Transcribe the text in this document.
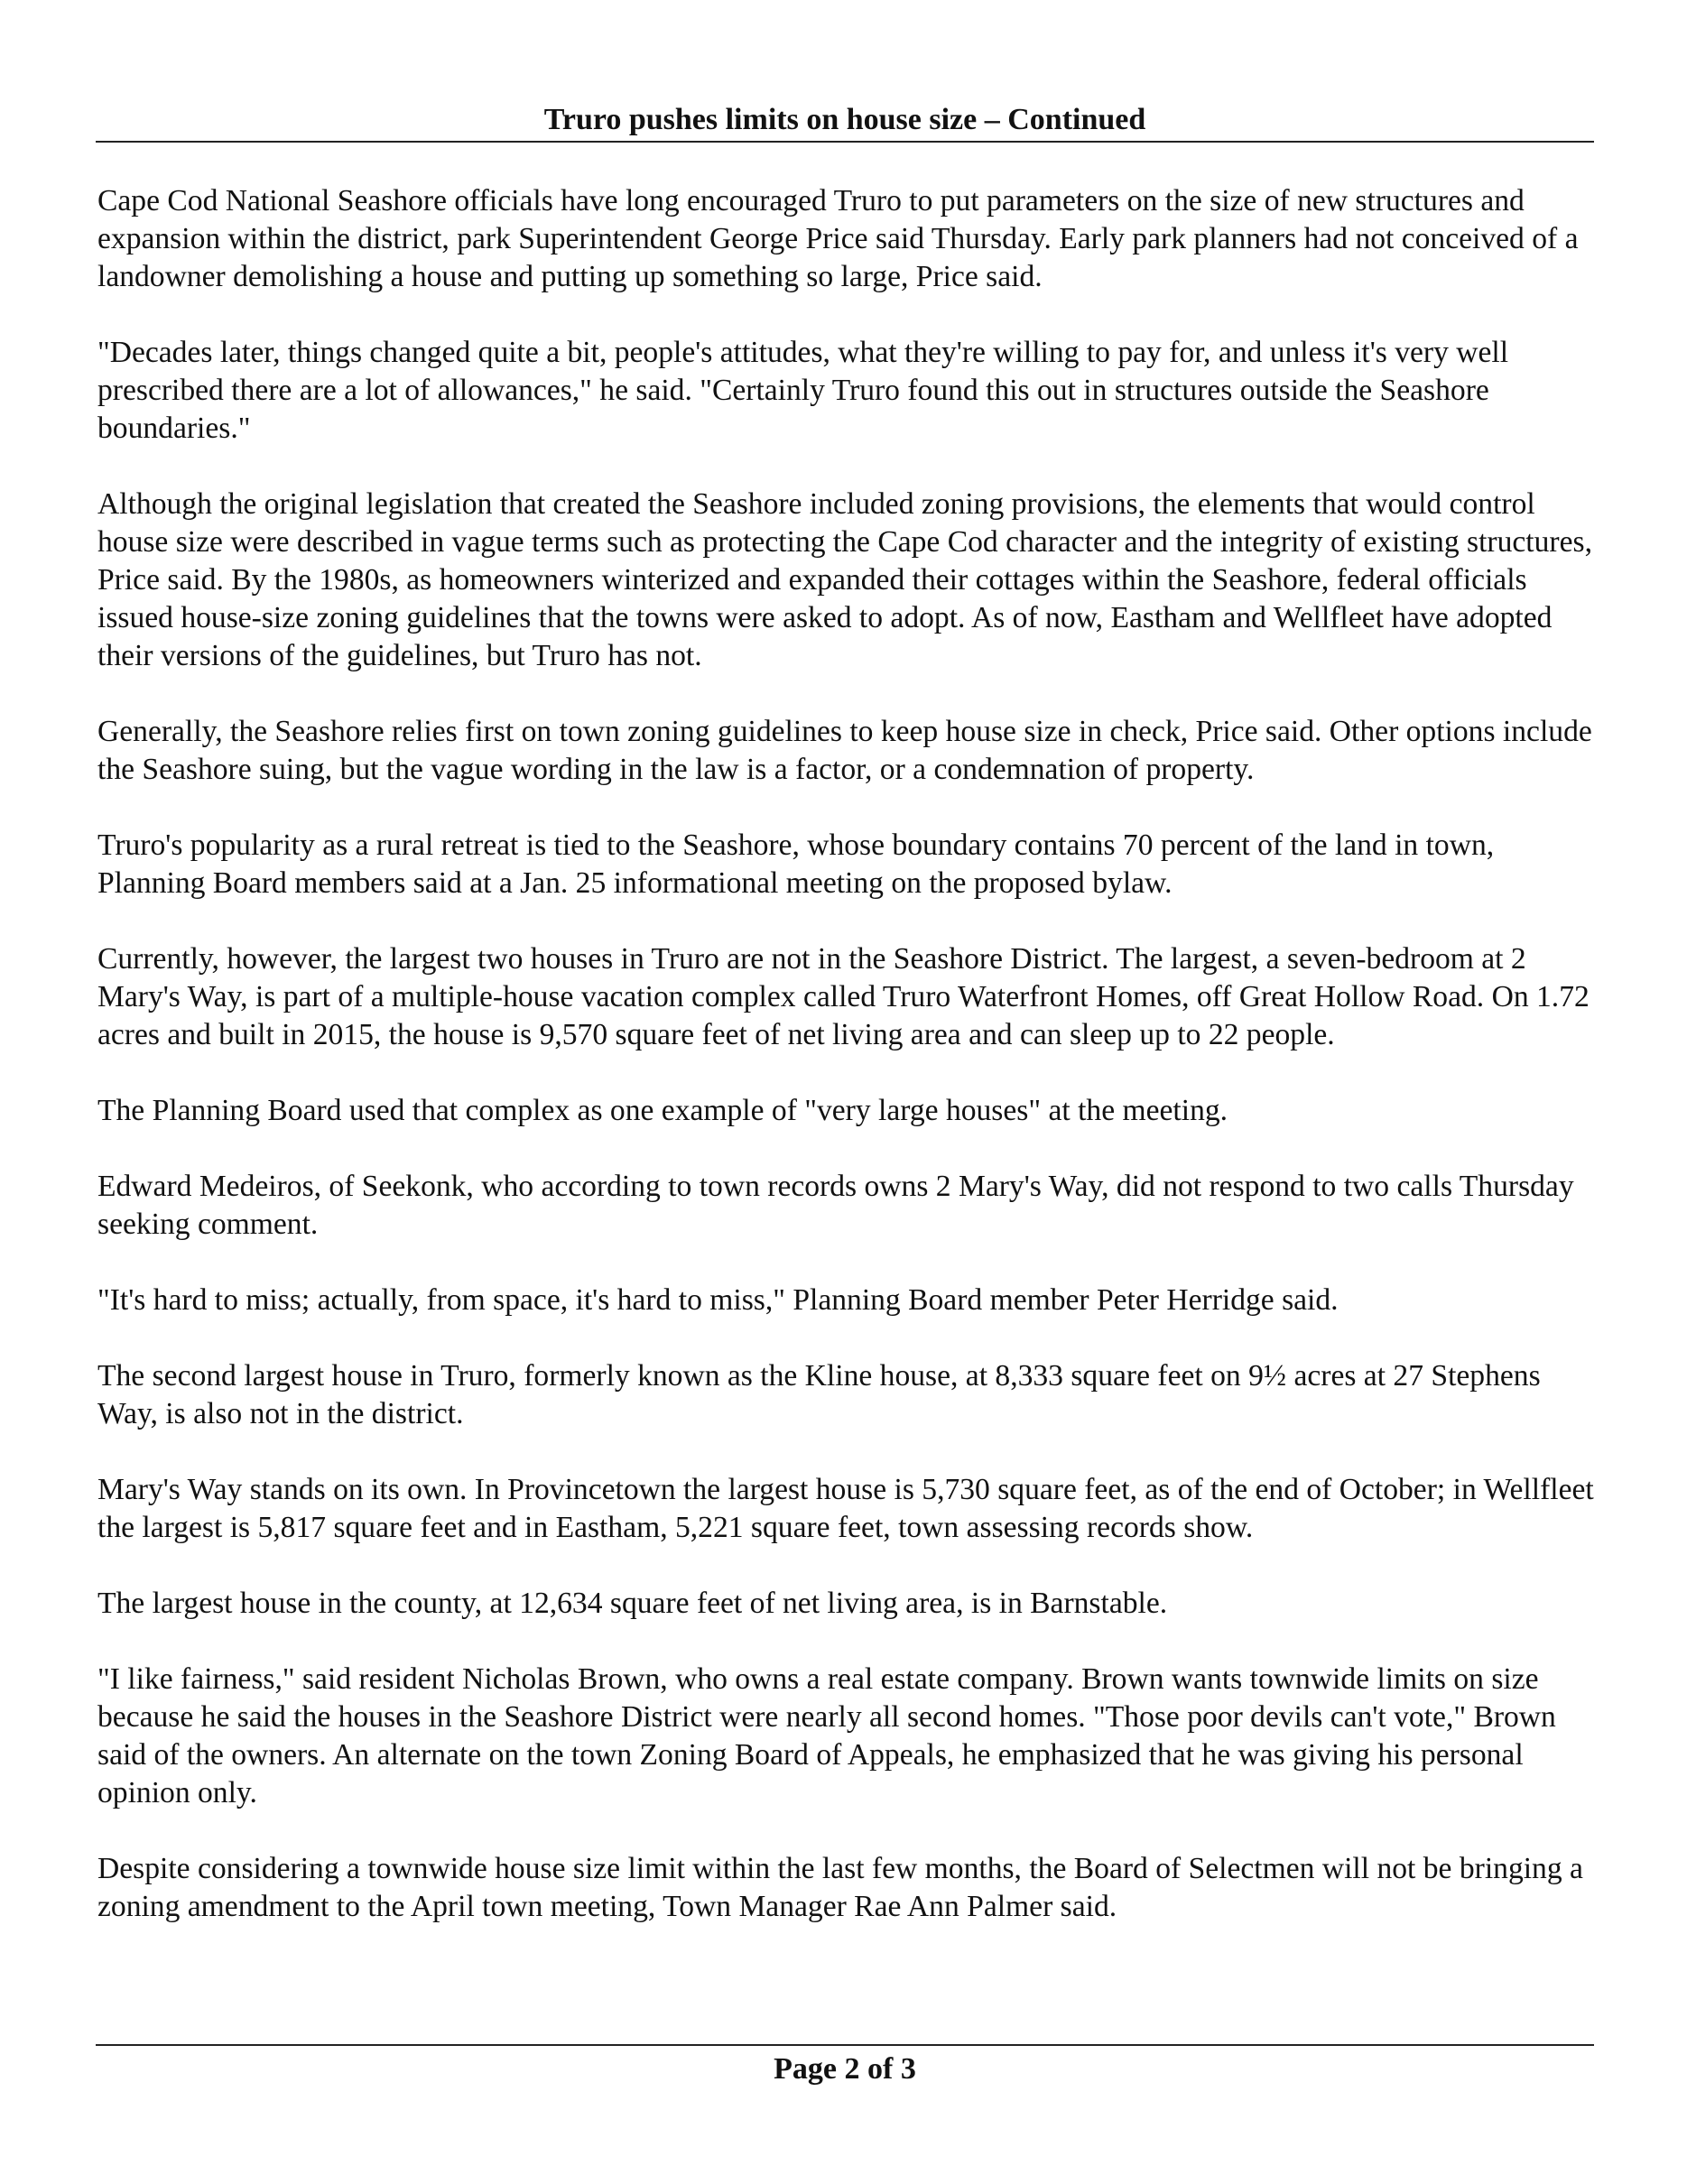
Truro pushes limits on house size – Continued

Cape Cod National Seashore officials have long encouraged Truro to put parameters on the size of new structures and expansion within the district, park Superintendent George Price said Thursday. Early park planners had not conceived of a landowner demolishing a house and putting up something so large, Price said.

"Decades later, things changed quite a bit, people's attitudes, what they're willing to pay for, and unless it's very well prescribed there are a lot of allowances," he said. "Certainly Truro found this out in structures outside the Seashore boundaries."

Although the original legislation that created the Seashore included zoning provisions, the elements that would control house size were described in vague terms such as protecting the Cape Cod character and the integrity of existing structures, Price said. By the 1980s, as homeowners winterized and expanded their cottages within the Seashore, federal officials issued house-size zoning guidelines that the towns were asked to adopt. As of now, Eastham and Wellfleet have adopted their versions of the guidelines, but Truro has not.

Generally, the Seashore relies first on town zoning guidelines to keep house size in check, Price said. Other options include the Seashore suing, but the vague wording in the law is a factor, or a condemnation of property.

Truro's popularity as a rural retreat is tied to the Seashore, whose boundary contains 70 percent of the land in town, Planning Board members said at a Jan. 25 informational meeting on the proposed bylaw.

Currently, however, the largest two houses in Truro are not in the Seashore District. The largest, a seven-bedroom at 2 Mary's Way, is part of a multiple-house vacation complex called Truro Waterfront Homes, off Great Hollow Road. On 1.72 acres and built in 2015, the house is 9,570 square feet of net living area and can sleep up to 22 people.

The Planning Board used that complex as one example of "very large houses" at the meeting.

Edward Medeiros, of Seekonk, who according to town records owns 2 Mary's Way, did not respond to two calls Thursday seeking comment.

"It's hard to miss; actually, from space, it's hard to miss," Planning Board member Peter Herridge said.

The second largest house in Truro, formerly known as the Kline house, at 8,333 square feet on 9½ acres at 27 Stephens Way, is also not in the district.

Mary's Way stands on its own. In Provincetown the largest house is 5,730 square feet, as of the end of October; in Wellfleet the largest is 5,817 square feet and in Eastham, 5,221 square feet, town assessing records show.

The largest house in the county, at 12,634 square feet of net living area, is in Barnstable.

"I like fairness," said resident Nicholas Brown, who owns a real estate company. Brown wants townwide limits on size because he said the houses in the Seashore District were nearly all second homes. "Those poor devils can't vote," Brown said of the owners. An alternate on the town Zoning Board of Appeals, he emphasized that he was giving his personal opinion only.

Despite considering a townwide house size limit within the last few months, the Board of Selectmen will not be bringing a zoning amendment to the April town meeting, Town Manager Rae Ann Palmer said.

Page 2 of 3
